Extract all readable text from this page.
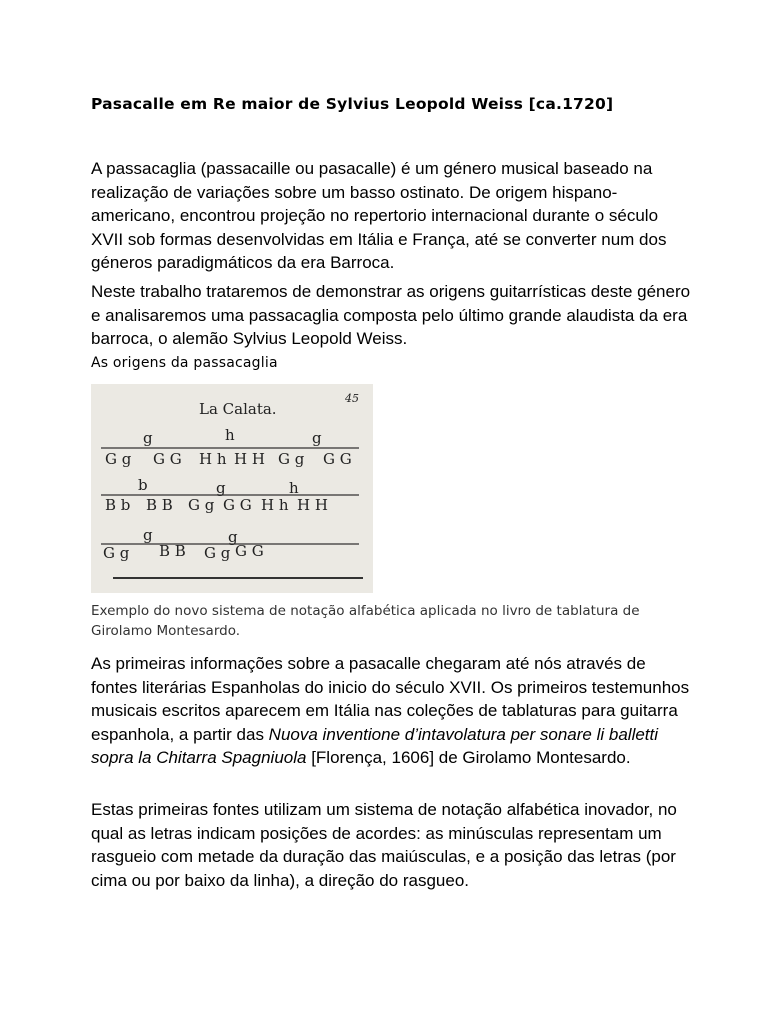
Pasacalle em Re maior de Sylvius Leopold Weiss [ca.1720]

A passacaglia (passacaille ou pasacalle) é um género musical baseado na realização de variações sobre um basso ostinato. De origem hispano-americano, encontrou projeção no repertorio internacional durante o século XVII sob formas desenvolvidas em Itália e França, até se converter num dos géneros paradigmáticos da era Barroca.

Neste trabalho trataremos de demonstrar as origens guitarrísticas deste género e analisaremos uma passacaglia composta pelo último grande alaudista da era barroca, o alemão Sylvius Leopold Weiss.

As origens da passacaglia
La Calata.
45
g	h	g
G g G G H h H H G g G G
b	g	h
B b B B G g G G H h H H
g	g
G g B B G g G G
Exemplo do novo sistema de notação alfabética aplicada no livro de tablatura de Girolamo Montesardo.

As primeiras informações sobre a pasacalle chegaram até nós através de fontes literárias Espanholas do inicio do século XVII. Os primeiros testemunhos musicais escritos aparecem em Itália nas coleções de tablaturas para guitarra espanhola, a partir das Nuova inventione d’intavolatura per sonare li balletti sopra la Chitarra Spagniuola [Florença, 1606] de Girolamo Montesardo.

Estas primeiras fontes utilizam um sistema de notação alfabética inovador, no qual as letras indicam posições de acordes: as minúsculas representam um rasgueio com metade da duração das maiúsculas, e a posição das letras (por cima ou por baixo da linha), a direção do rasgueo.
